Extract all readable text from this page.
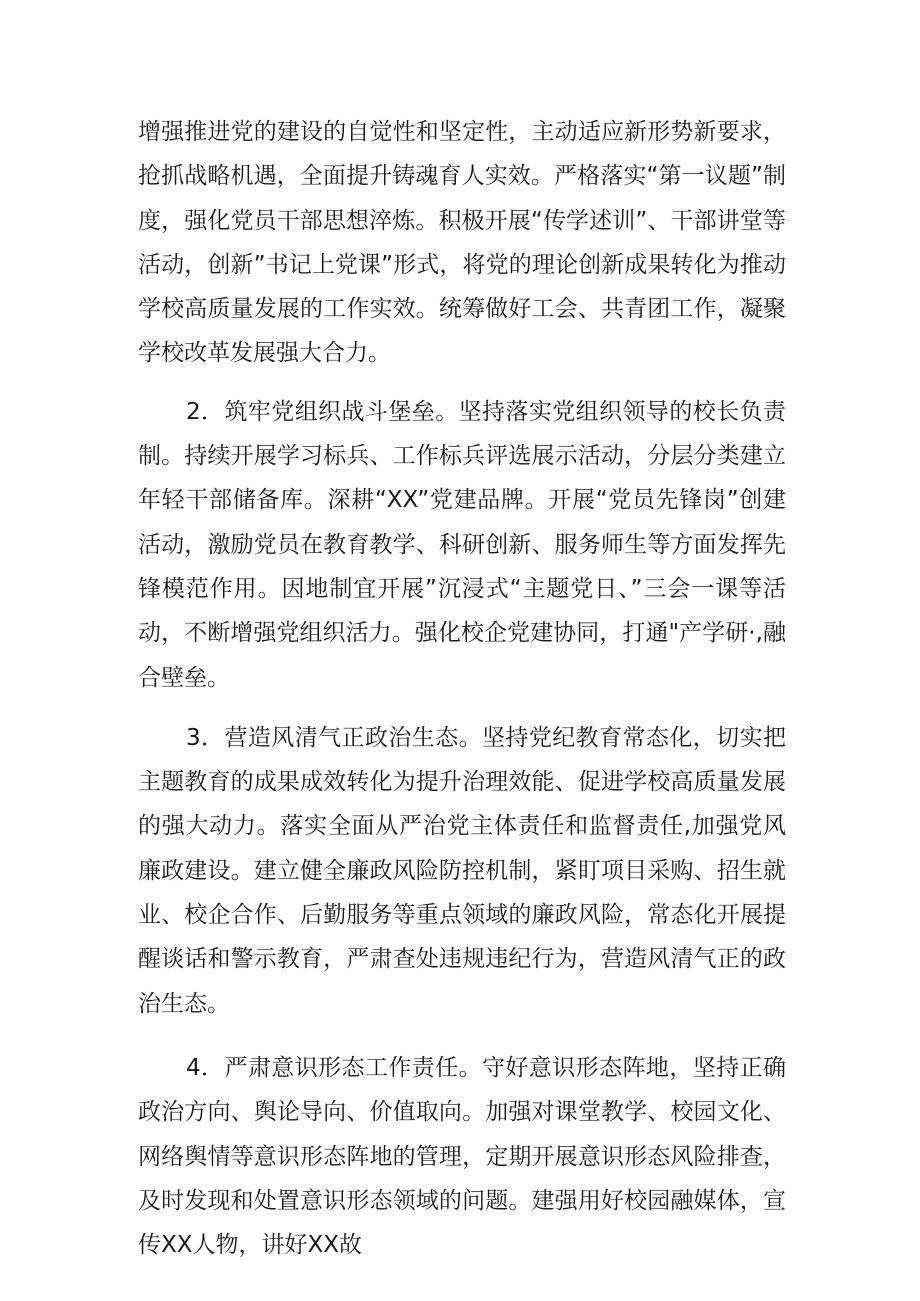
增强推进党的建设的自觉性和坚定性，主动适应新形势新要求，抢抓战略机遇，全面提升铸魂育人实效。严格落实“第一议题”制度，强化党员干部思想淬炼。积极开展“传学述训”、干部讲堂等活动，创新”书记上党课”形式，将党的理论创新成果转化为推动学校高质量发展的工作实效。统筹做好工会、共青团工作，凝聚学校改革发展强大合力。

2．筑牢党组织战斗堡垒。坚持落实党组织领导的校长负责制。持续开展学习标兵、工作标兵评选展示活动，分层分类建立年轻干部储备库。深耕“XX”党建品牌。开展“党员先锋岗”创建活动，激励党员在教育教学、科研创新、服务师生等方面发挥先锋模范作用。因地制宜开展”沉浸式“主题党日、”三会一课等活动，不断增强党组织活力。强化校企党建协同，打通"产学研·,融合壁垒。

3．营造风清气正政治生态。坚持党纪教育常态化，切实把主题教育的成果成效转化为提升治理效能、促进学校高质量发展的强大动力。落实全面从严治党主体责任和监督责任,加强党风廉政建设。建立健全廉政风险防控机制，紧盯项目采购、招生就业、校企合作、后勤服务等重点领域的廉政风险，常态化开展提醒谈话和警示教育，严肃查处违规违纪行为，营造风清气正的政治生态。

4．严肃意识形态工作责任。守好意识形态阵地，坚持正确政治方向、舆论导向、价值取向。加强对课堂教学、校园文化、网络舆情等意识形态阵地的管理，定期开展意识形态风险排查，及时发现和处置意识形态领域的问题。建强用好校园融媒体，宣传XX人物，讲好XX故
